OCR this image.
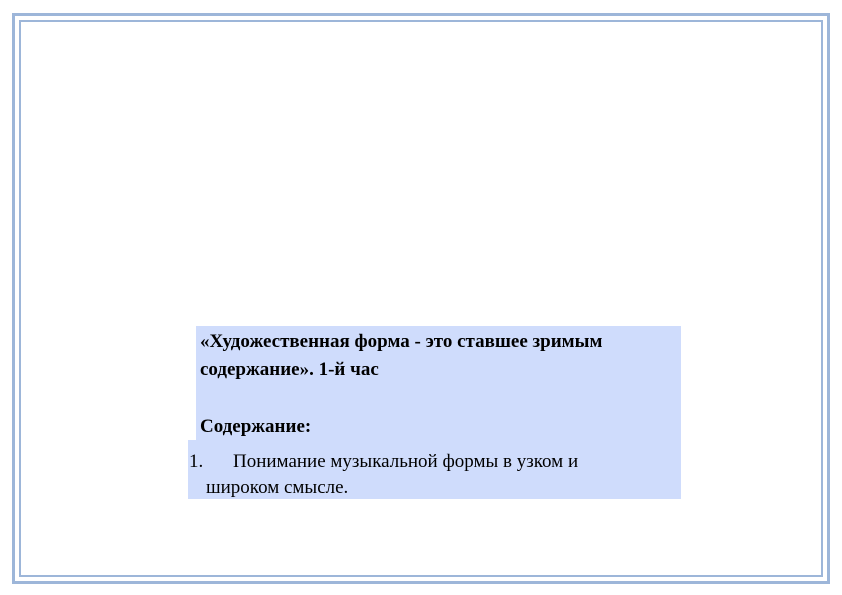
«Художественная форма - это ставшее зримым содержание». 1-й час

Содержание:

1. Понимание музыкальной формы в узком и
широком смысле.
